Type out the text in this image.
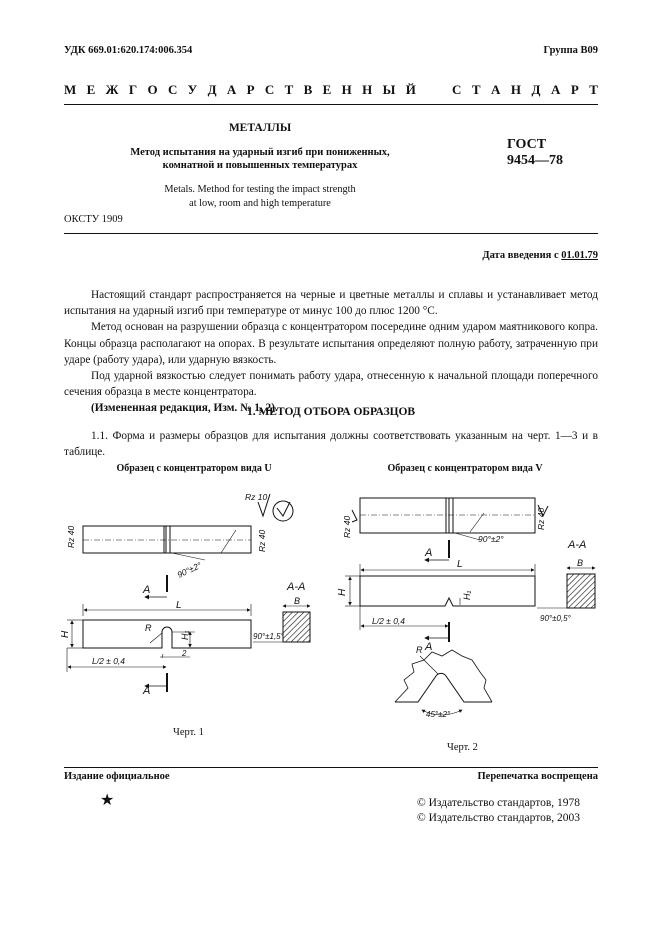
УДК 669.01:620.174:006.354	Группа В09
М Е Ж Г О С У Д А Р С Т В Е Н Н Ы Й	С Т А Н Д А Р Т
МЕТАЛЛЫ
Метод испытания на ударный изгиб при пониженных,
комнатной и повышенных температурах
Metals. Method for testing the impact strength
at low, room and high temperature
ГОСТ
9454—78
ОКСТУ 1909
Дата введения с 01.01.79
Настоящий стандарт распространяется на черные и цветные металлы и сплавы и устанавливает метод испытания на ударный изгиб при температуре от минус 100 до плюс 1200 °С.
Метод основан на разрушении образца с концентратором посередине одним ударом маятникового копра. Концы образца располагают на опорах. В результате испытания определяют полную работу, затраченную при ударе (работу удара), или ударную вязкость.
Под ударной вязкостью следует понимать работу удара, отнесенную к начальной площади поперечного сечения образца в месте концентратора.
(Измененная редакция, Изм. № 1, 2).
1. МЕТОД ОТБОРА ОБРАЗЦОВ
1.1. Форма и размеры образцов для испытания должны соответствовать указанным на черт. 1—3 и в таблице.
Образец с концентратором вида U	Образец с концентратором вида V
Rz 10
Rz 40	Rz 40
90°±2°
А
L
H	H₁
R
2
L/2 ± 0,4
А
А-А
В
90°±1,5°
Rz 40	Rz 40
90°±2°
А
L
H	H₁
L/2 ± 0,4
А
R
А-А
В
90°±0,5°
45°±2°
Черт. 1
Черт. 2
Издание официальное	Перепечатка воспрещена
★	© Издательство стандартов, 1978
© Издательство стандартов, 2003
